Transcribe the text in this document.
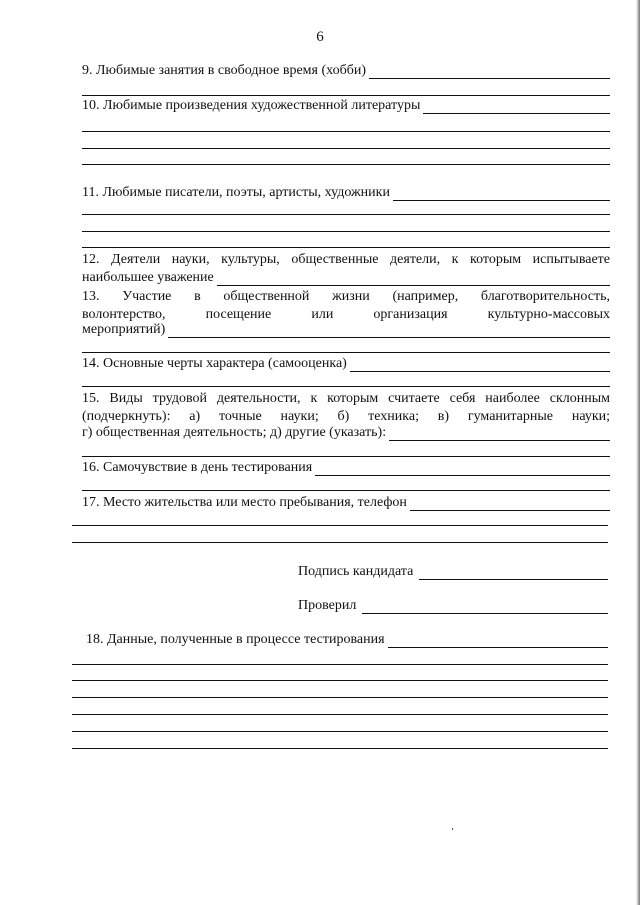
6
9. Любимые занятия в свободное время (хобби)
10. Любимые произведения художественной литературы
11. Любимые писатели, поэты, артисты, художники
12. Деятели науки, культуры, общественные деятели, к которым испытываете
наибольшее уважение
13. Участие в общественной жизни (например, благотворительность,
волонтерство, посещение или организация культурно-массовых
мероприятий)
14. Основные черты характера (самооценка)
15. Виды трудовой деятельности, к которым считаете себя наиболее склонным
(подчеркнуть): а) точные науки; б) техника; в) гуманитарные науки;
г) общественная деятельность; д) другие (указать):
16. Самочувствие в день тестирования
17. Место жительства или место пребывания, телефон
Подпись кандидата
Проверил
18. Данные, полученные в процессе тестирования
